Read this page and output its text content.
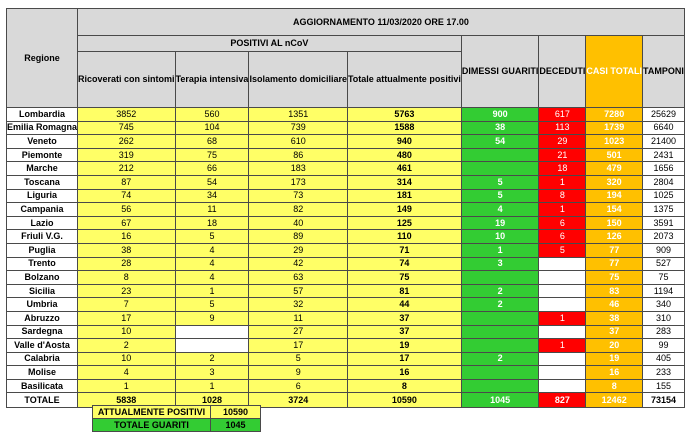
Regione	AGGIORNAMENTO 11/03/2020 ORE 17.00							
	POSITIVI AL nCoV				DIMESSI GUARITI	DECEDUTI	CASI TOTALI	TAMPONI
	Ricoverati con sintomi	Terapia intensiva	Isolamento domiciliare	Totale attualmente positivi				
Lombardia	3852	560	1351	5763	900	617	7280	25629
Emilia Romagna	745	104	739	1588	38	113	1739	6640
Veneto	262	68	610	940	54	29	1023	21400
Piemonte	319	75	86	480		21	501	2431
Marche	212	66	183	461		18	479	1656
Toscana	87	54	173	314	5	1	320	2804
Liguria	74	34	73	181	5	8	194	1025
Campania	56	11	82	149	4	1	154	1375
Lazio	67	18	40	125	19	6	150	3591
Friuli V.G.	16	5	89	110	10	6	126	2073
Puglia	38	4	29	71	1	5	77	909
Trento	28	4	42	74	3		77	527
Bolzano	8	4	63	75			75	75
Sicilia	23	1	57	81	2		83	1194
Umbria	7	5	32	44	2		46	340
Abruzzo	17	9	11	37		1	38	310
Sardegna	10		27	37			37	283
Valle d'Aosta	2		17	19		1	20	99
Calabria	10	2	5	17	2		19	405
Molise	4	3	9	16			16	233
Basilicata	1	1	6	8			8	155
TOTALE	5838	1028	3724	10590	1045	827	12462	73154
ATTUALMENTE POSITIVI	10590
TOTALE GUARITI	1045
